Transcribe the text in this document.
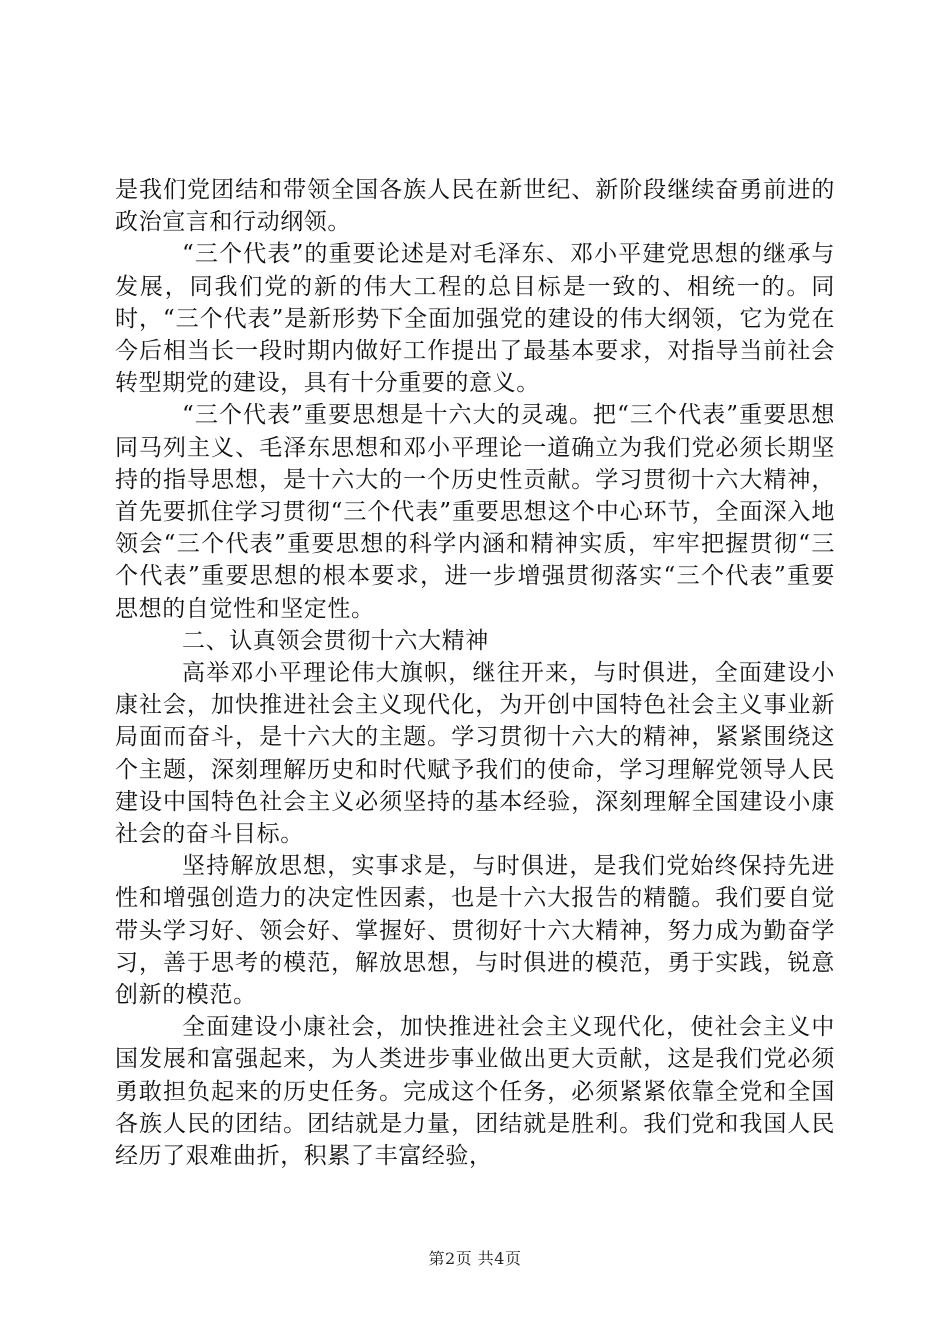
是我们党团结和带领全国各族人民在新世纪、新阶段继续奋勇前进的政治宣言和行动纲领。

“三个代表”的重要论述是对毛泽东、邓小平建党思想的继承与发展，同我们党的新的伟大工程的总目标是一致的、相统一的。同时，“三个代表”是新形势下全面加强党的建设的伟大纲领，它为党在今后相当长一段时期内做好工作提出了最基本要求，对指导当前社会转型期党的建设，具有十分重要的意义。

“三个代表”重要思想是十六大的灵魂。把“三个代表”重要思想同马列主义、毛泽东思想和邓小平理论一道确立为我们党必须长期坚持的指导思想，是十六大的一个历史性贡献。学习贯彻十六大精神，首先要抓住学习贯彻“三个代表”重要思想这个中心环节，全面深入地领会“三个代表”重要思想的科学内涵和精神实质，牢牢把握贯彻“三个代表”重要思想的根本要求，进一步增强贯彻落实“三个代表”重要思想的自觉性和坚定性。

二、认真领会贯彻十六大精神

高举邓小平理论伟大旗帜，继往开来，与时俱进，全面建设小康社会，加快推进社会主义现代化，为开创中国特色社会主义事业新局面而奋斗，是十六大的主题。学习贯彻十六大的精神，紧紧围绕这个主题，深刻理解历史和时代赋予我们的使命，学习理解党领导人民建设中国特色社会主义必须坚持的基本经验，深刻理解全国建设小康社会的奋斗目标。

坚持解放思想，实事求是，与时俱进，是我们党始终保持先进性和增强创造力的决定性因素，也是十六大报告的精髓。我们要自觉带头学习好、领会好、掌握好、贯彻好十六大精神，努力成为勤奋学习，善于思考的模范，解放思想，与时俱进的模范，勇于实践，锐意创新的模范。

全面建设小康社会，加快推进社会主义现代化，使社会主义中国发展和富强起来，为人类进步事业做出更大贡献，这是我们党必须勇敢担负起来的历史任务。完成这个任务，必须紧紧依靠全党和全国各族人民的团结。团结就是力量，团结就是胜利。我们党和我国人民经历了艰难曲折，积累了丰富经验，

第2页 共4页
